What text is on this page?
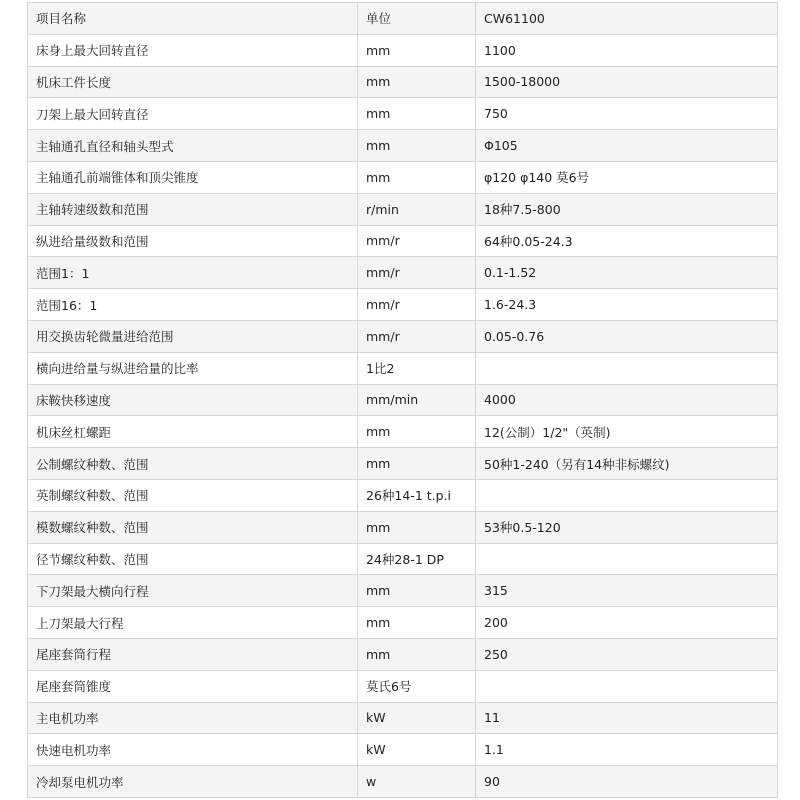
项目名称	单位	CW61100
床身上最大回转直径	mm	1100
机床工件长度	mm	1500-18000
刀架上最大回转直径	mm	750
主轴通孔直径和轴头型式	mm	Φ105
主轴通孔前端锥体和顶尖锥度	mm	φ120 φ140 莫6号
主轴转速级数和范围	r/min	18种7.5-800
纵进给量级数和范围	mm/r	64种0.05-24.3
范围1：1	mm/r	0.1-1.52
范围16：1	mm/r	1.6-24.3
用交换齿轮微量进给范围	mm/r	0.05-0.76
横向进给量与纵进给量的比率	1比2	
床鞍快移速度	mm/min	4000
机床丝杠螺距	mm	12(公制）1/2"（英制)
公制螺纹种数、范围	mm	50种1-240（另有14种非标螺纹)
英制螺纹种数、范围	26种14-1 t.p.i	
模数螺纹种数、范围	mm	53种0.5-120
径节螺纹种数、范围	24种28-1 DP	
下刀架最大横向行程	mm	315
上刀架最大行程	mm	200
尾座套筒行程	mm	250
尾座套筒锥度	莫氏6号	
主电机功率	kW	11
快速电机功率	kW	1.1
冷却泵电机功率	w	90
